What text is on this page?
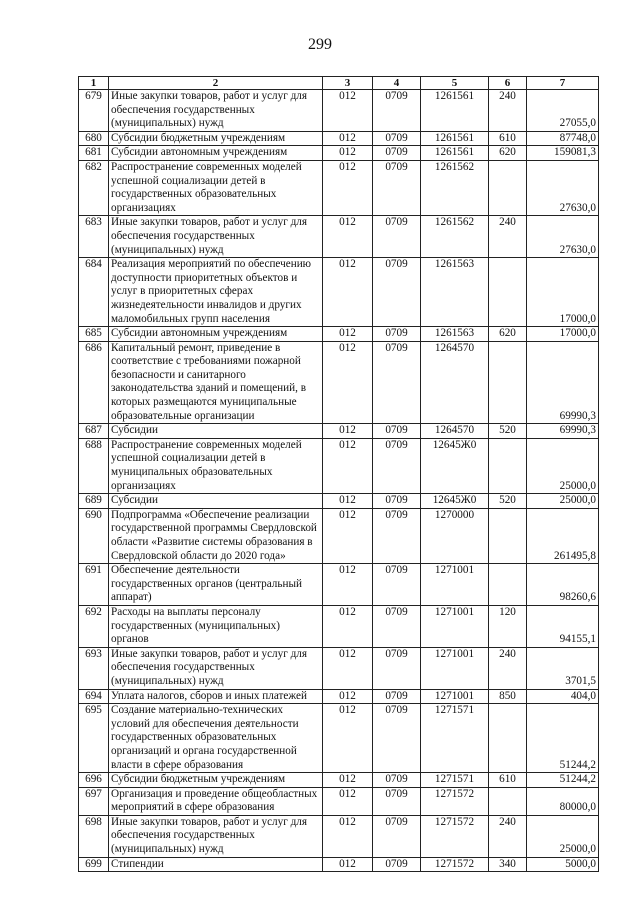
299
1	2	3	4	5	6	7
679	Иные закупки товаров, работ и услуг для обеспечения государственных (муниципальных) нужд	012	0709	1261561	240	27055,0
680	Субсидии бюджетным учреждениям	012	0709	1261561	610	87748,0
681	Субсидии автономным учреждениям	012	0709	1261561	620	159081,3
682	Распространение современных моделей успешной социализации детей в государственных образовательных организациях	012	0709	1261562		27630,0
683	Иные закупки товаров, работ и услуг для обеспечения государственных (муниципальных) нужд	012	0709	1261562	240	27630,0
684	Реализация мероприятий по обеспечению доступности приоритетных объектов и услуг в приоритетных сферах жизнедеятельности инвалидов и других маломобильных групп населения	012	0709	1261563		17000,0
685	Субсидии автономным учреждениям	012	0709	1261563	620	17000,0
686	Капитальный ремонт, приведение в соответствие с требованиями пожарной безопасности и санитарного законодательства зданий и помещений, в которых размещаются муниципальные образовательные организации	012	0709	1264570		69990,3
687	Субсидии	012	0709	1264570	520	69990,3
688	Распространение современных моделей успешной социализации детей в муниципальных образовательных организациях	012	0709	12645Ж0		25000,0
689	Субсидии	012	0709	12645Ж0	520	25000,0
690	Подпрограмма «Обеспечение реализации государственной программы Свердловской области «Развитие системы образования в Свердловской области до 2020 года»	012	0709	1270000		261495,8
691	Обеспечение деятельности государственных органов (центральный аппарат)	012	0709	1271001		98260,6
692	Расходы на выплаты персоналу государственных (муниципальных) органов	012	0709	1271001	120	94155,1
693	Иные закупки товаров, работ и услуг для обеспечения государственных (муниципальных) нужд	012	0709	1271001	240	3701,5
694	Уплата налогов, сборов и иных платежей	012	0709	1271001	850	404,0
695	Создание материально-технических условий для обеспечения деятельности государственных образовательных организаций и органа государственной власти в сфере образования	012	0709	1271571		51244,2
696	Субсидии бюджетным учреждениям	012	0709	1271571	610	51244,2
697	Организация и проведение общеобластных мероприятий в сфере образования	012	0709	1271572		80000,0
698	Иные закупки товаров, работ и услуг для обеспечения государственных (муниципальных) нужд	012	0709	1271572	240	25000,0
699	Стипендии	012	0709	1271572	340	5000,0
